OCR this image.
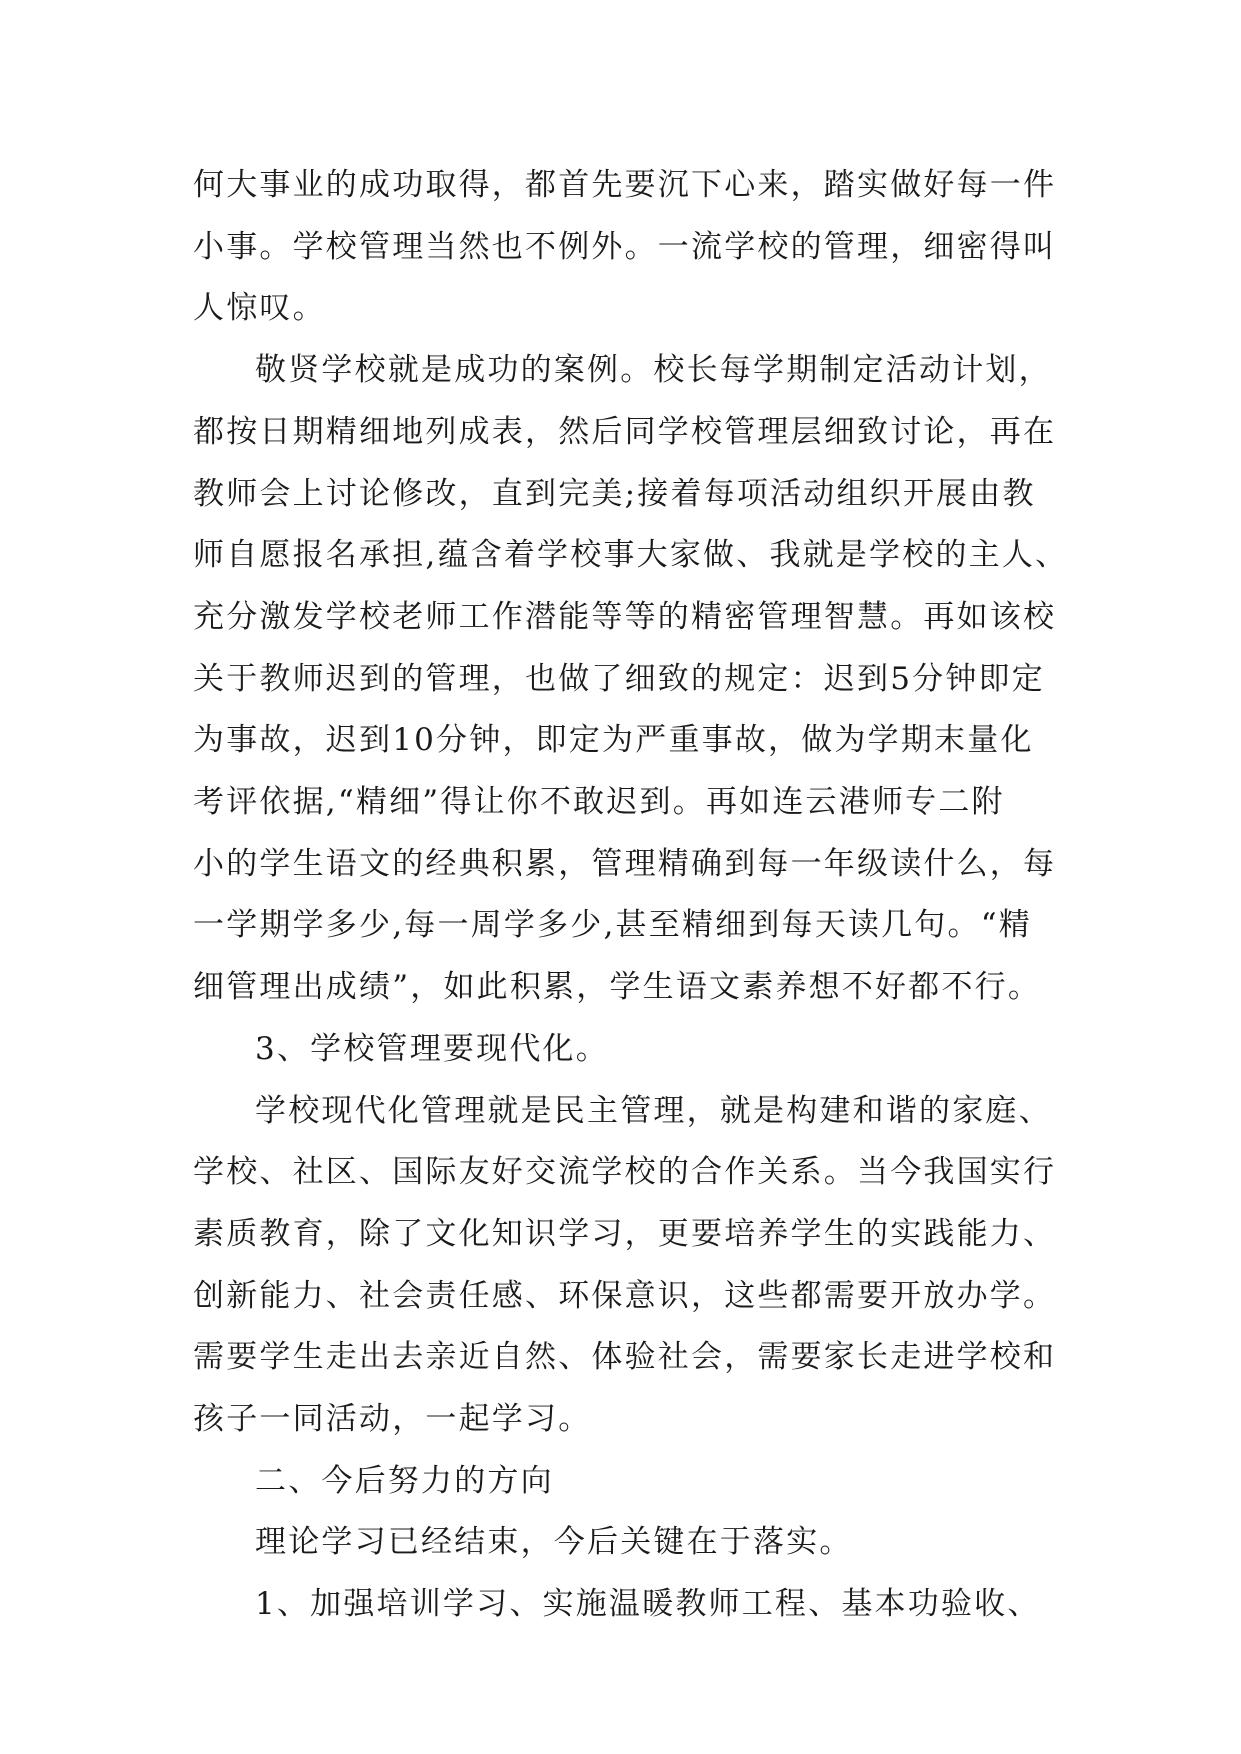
何大事业的成功取得，都首先要沉下心来，踏实做好每一件
小事。学校管理当然也不例外。一流学校的管理，细密得叫
人惊叹。

敬贤学校就是成功的案例。校长每学期制定活动计划，
都按日期精细地列成表，然后同学校管理层细致讨论，再在
教师会上讨论修改，直到完美;接着每项活动组织开展由教
师自愿报名承担,蕴含着学校事大家做、我就是学校的主人、
充分激发学校老师工作潜能等等的精密管理智慧。再如该校
关于教师迟到的管理，也做了细致的规定：迟到5分钟即定
为事故，迟到10分钟，即定为严重事故，做为学期末量化
考评依据,“精细”得让你不敢迟到。再如连云港师专二附
小的学生语文的经典积累，管理精确到每一年级读什么，每
一学期学多少,每一周学多少,甚至精细到每天读几句。“精
细管理出成绩”，如此积累，学生语文素养想不好都不行。

3、学校管理要现代化。

学校现代化管理就是民主管理，就是构建和谐的家庭、
学校、社区、国际友好交流学校的合作关系。当今我国实行
素质教育，除了文化知识学习，更要培养学生的实践能力、
创新能力、社会责任感、环保意识，这些都需要开放办学。
需要学生走出去亲近自然、体验社会，需要家长走进学校和
孩子一同活动，一起学习。

二、今后努力的方向

理论学习已经结束，今后关键在于落实。

1、加强培训学习、实施温暖教师工程、基本功验收、
